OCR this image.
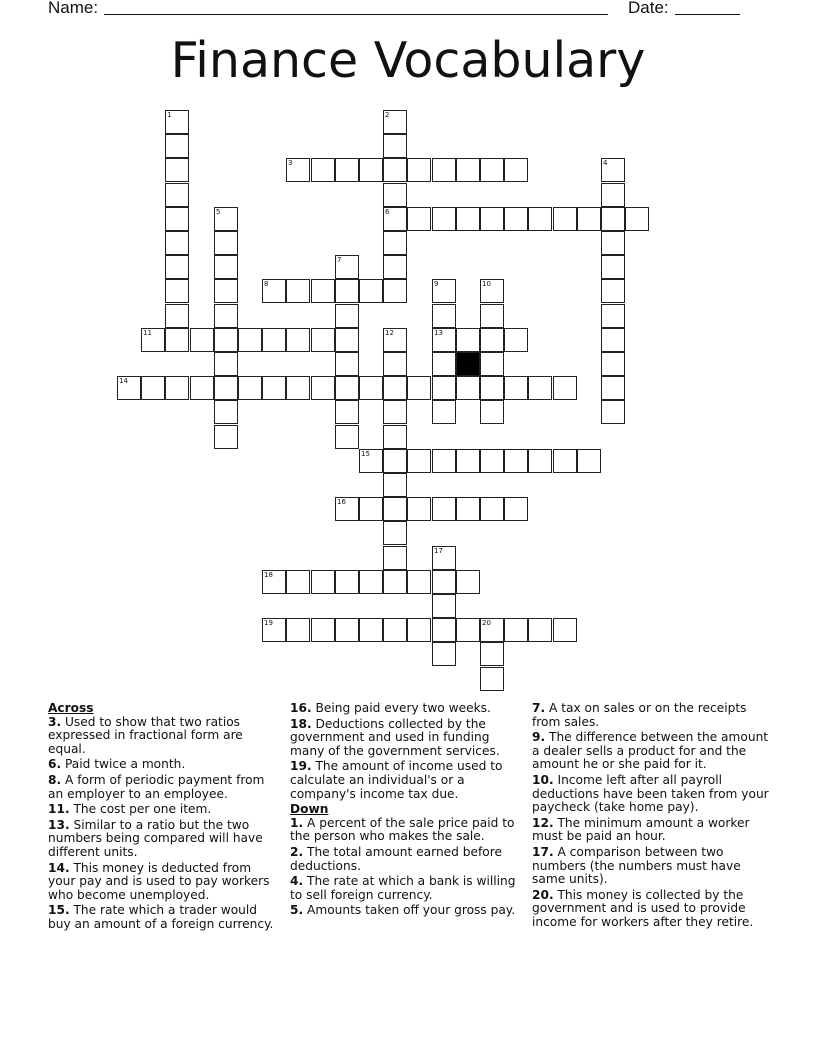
Name:	Date:
Finance Vocabulary
1	2
6
3	4
5
7
8	9
13
10
11	12
14
15
16
17
18
19	20
Across
3. Used to show that two ratios expressed in fractional form are equal.
6. Paid twice a month.
8. A form of periodic payment from an employer to an employee.
11. The cost per one item.
13. Similar to a ratio but the two numbers being compared will have different units.
14. This money is deducted from your pay and is used to pay workers who become unemployed.
15. The rate which a trader would buy an amount of a foreign currency.
16. Being paid every two weeks.
18. Deductions collected by the government and used in funding many of the government services.
19. The amount of income used to calculate an individual's or a company's income tax due.
Down
1. A percent of the sale price paid to the person who makes the sale.
2. The total amount earned before deductions.
4. The rate at which a bank is willing to sell foreign currency.
5. Amounts taken off your gross pay.
7. A tax on sales or on the receipts from sales.
9. The difference between the amount a dealer sells a product for and the amount he or she paid for it.
10. Income left after all payroll deductions have been taken from your paycheck (take home pay).
12. The minimum amount a worker must be paid an hour.
17. A comparison between two numbers (the numbers must have same units).
20. This money is collected by the government and is used to provide income for workers after they retire.
